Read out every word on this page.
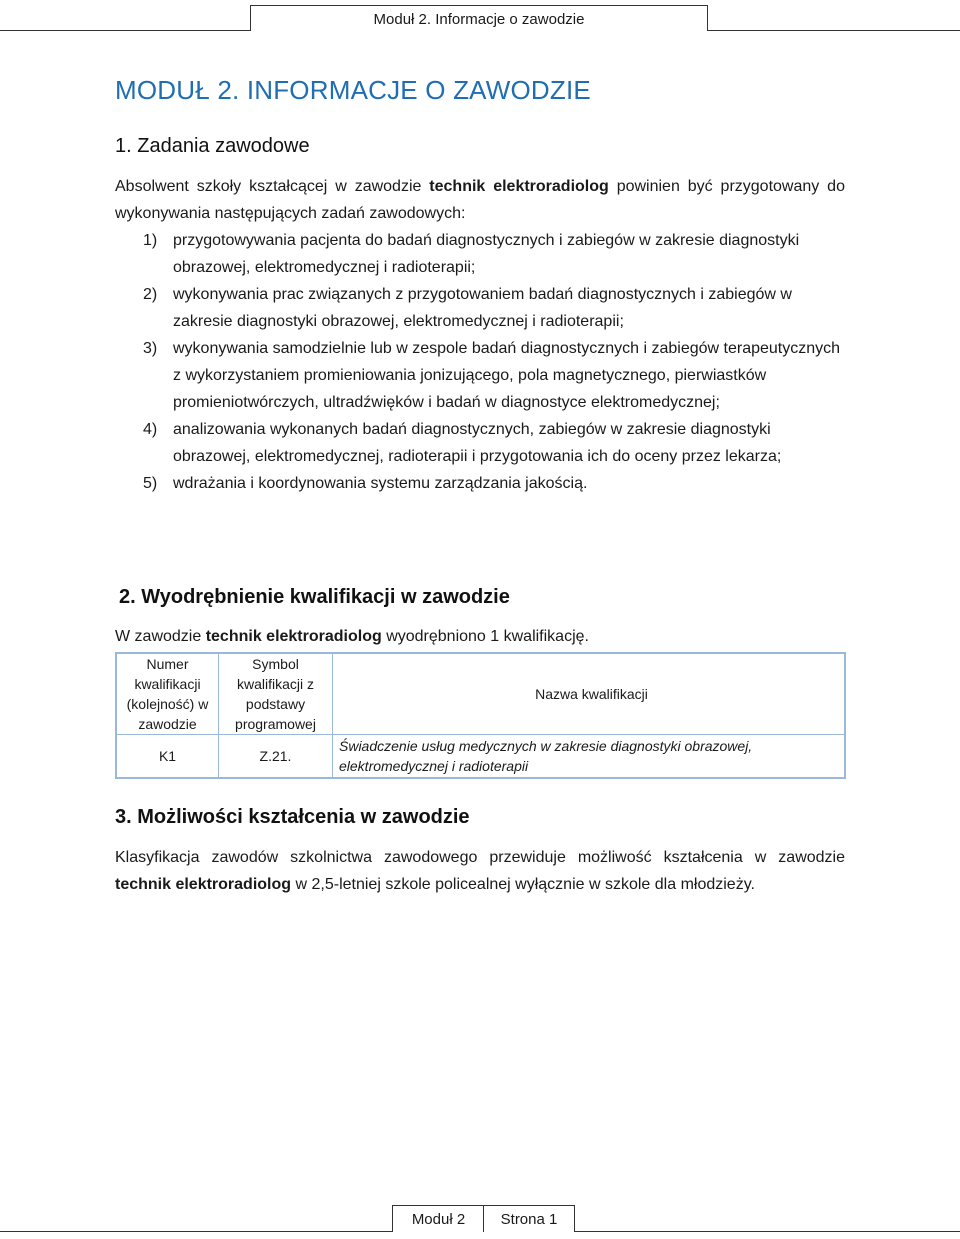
Moduł 2. Informacje o zawodzie
MODUŁ 2. INFORMACJE O ZAWODZIE
1. Zadania zawodowe
Absolwent szkoły kształcącej w zawodzie technik elektroradiolog powinien być przygotowany do wykonywania następujących zadań zawodowych:
1) przygotowywania pacjenta do badań diagnostycznych i zabiegów w zakresie diagnostyki obrazowej, elektromedycznej i radioterapii;
2) wykonywania prac związanych z przygotowaniem badań diagnostycznych i zabiegów w zakresie diagnostyki obrazowej, elektromedycznej i radioterapii;
3) wykonywania samodzielnie lub w zespole badań diagnostycznych i zabiegów terapeutycznych z wykorzystaniem promieniowania jonizującego, pola magnetycznego, pierwiastków promieniotwórczych, ultradźwięków i badań w diagnostyce elektromedycznej;
4) analizowania wykonanych badań diagnostycznych, zabiegów w zakresie diagnostyki obrazowej, elektromedycznej, radioterapii i przygotowania ich do oceny przez lekarza;
5) wdrażania i koordynowania systemu zarządzania jakością.
2. Wyodrębnienie kwalifikacji w zawodzie
W zawodzie technik elektroradiolog wyodrębniono 1 kwalifikację.
Numer kwalifikacji (kolejność) w zawodzie	Symbol kwalifikacji z podstawy programowej	Nazwa kwalifikacji
K1	Z.21.	Świadczenie usług medycznych w zakresie diagnostyki obrazowej, elektromedycznej i radioterapii
3. Możliwości kształcenia w zawodzie
Klasyfikacja zawodów szkolnictwa zawodowego przewiduje możliwość kształcenia w zawodzie technik elektroradiolog w 2,5-letniej szkole policealnej wyłącznie w szkole dla młodzieży.
Moduł 2	Strona 1
